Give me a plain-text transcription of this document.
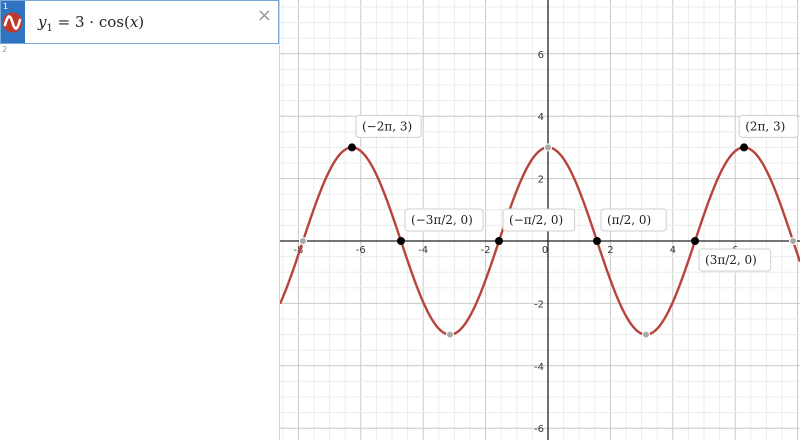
1
$y_1 = 3 \cdot \cos(x)$	×
2
-8	-6	-4	-2	0	2	4
-6
-4
-2
2
4
6
(−2π, 3)
(−3π/2, 0)	(−π/2, 0)	(π/2, 0)
(3π/2, 0)
(2π, 3)
